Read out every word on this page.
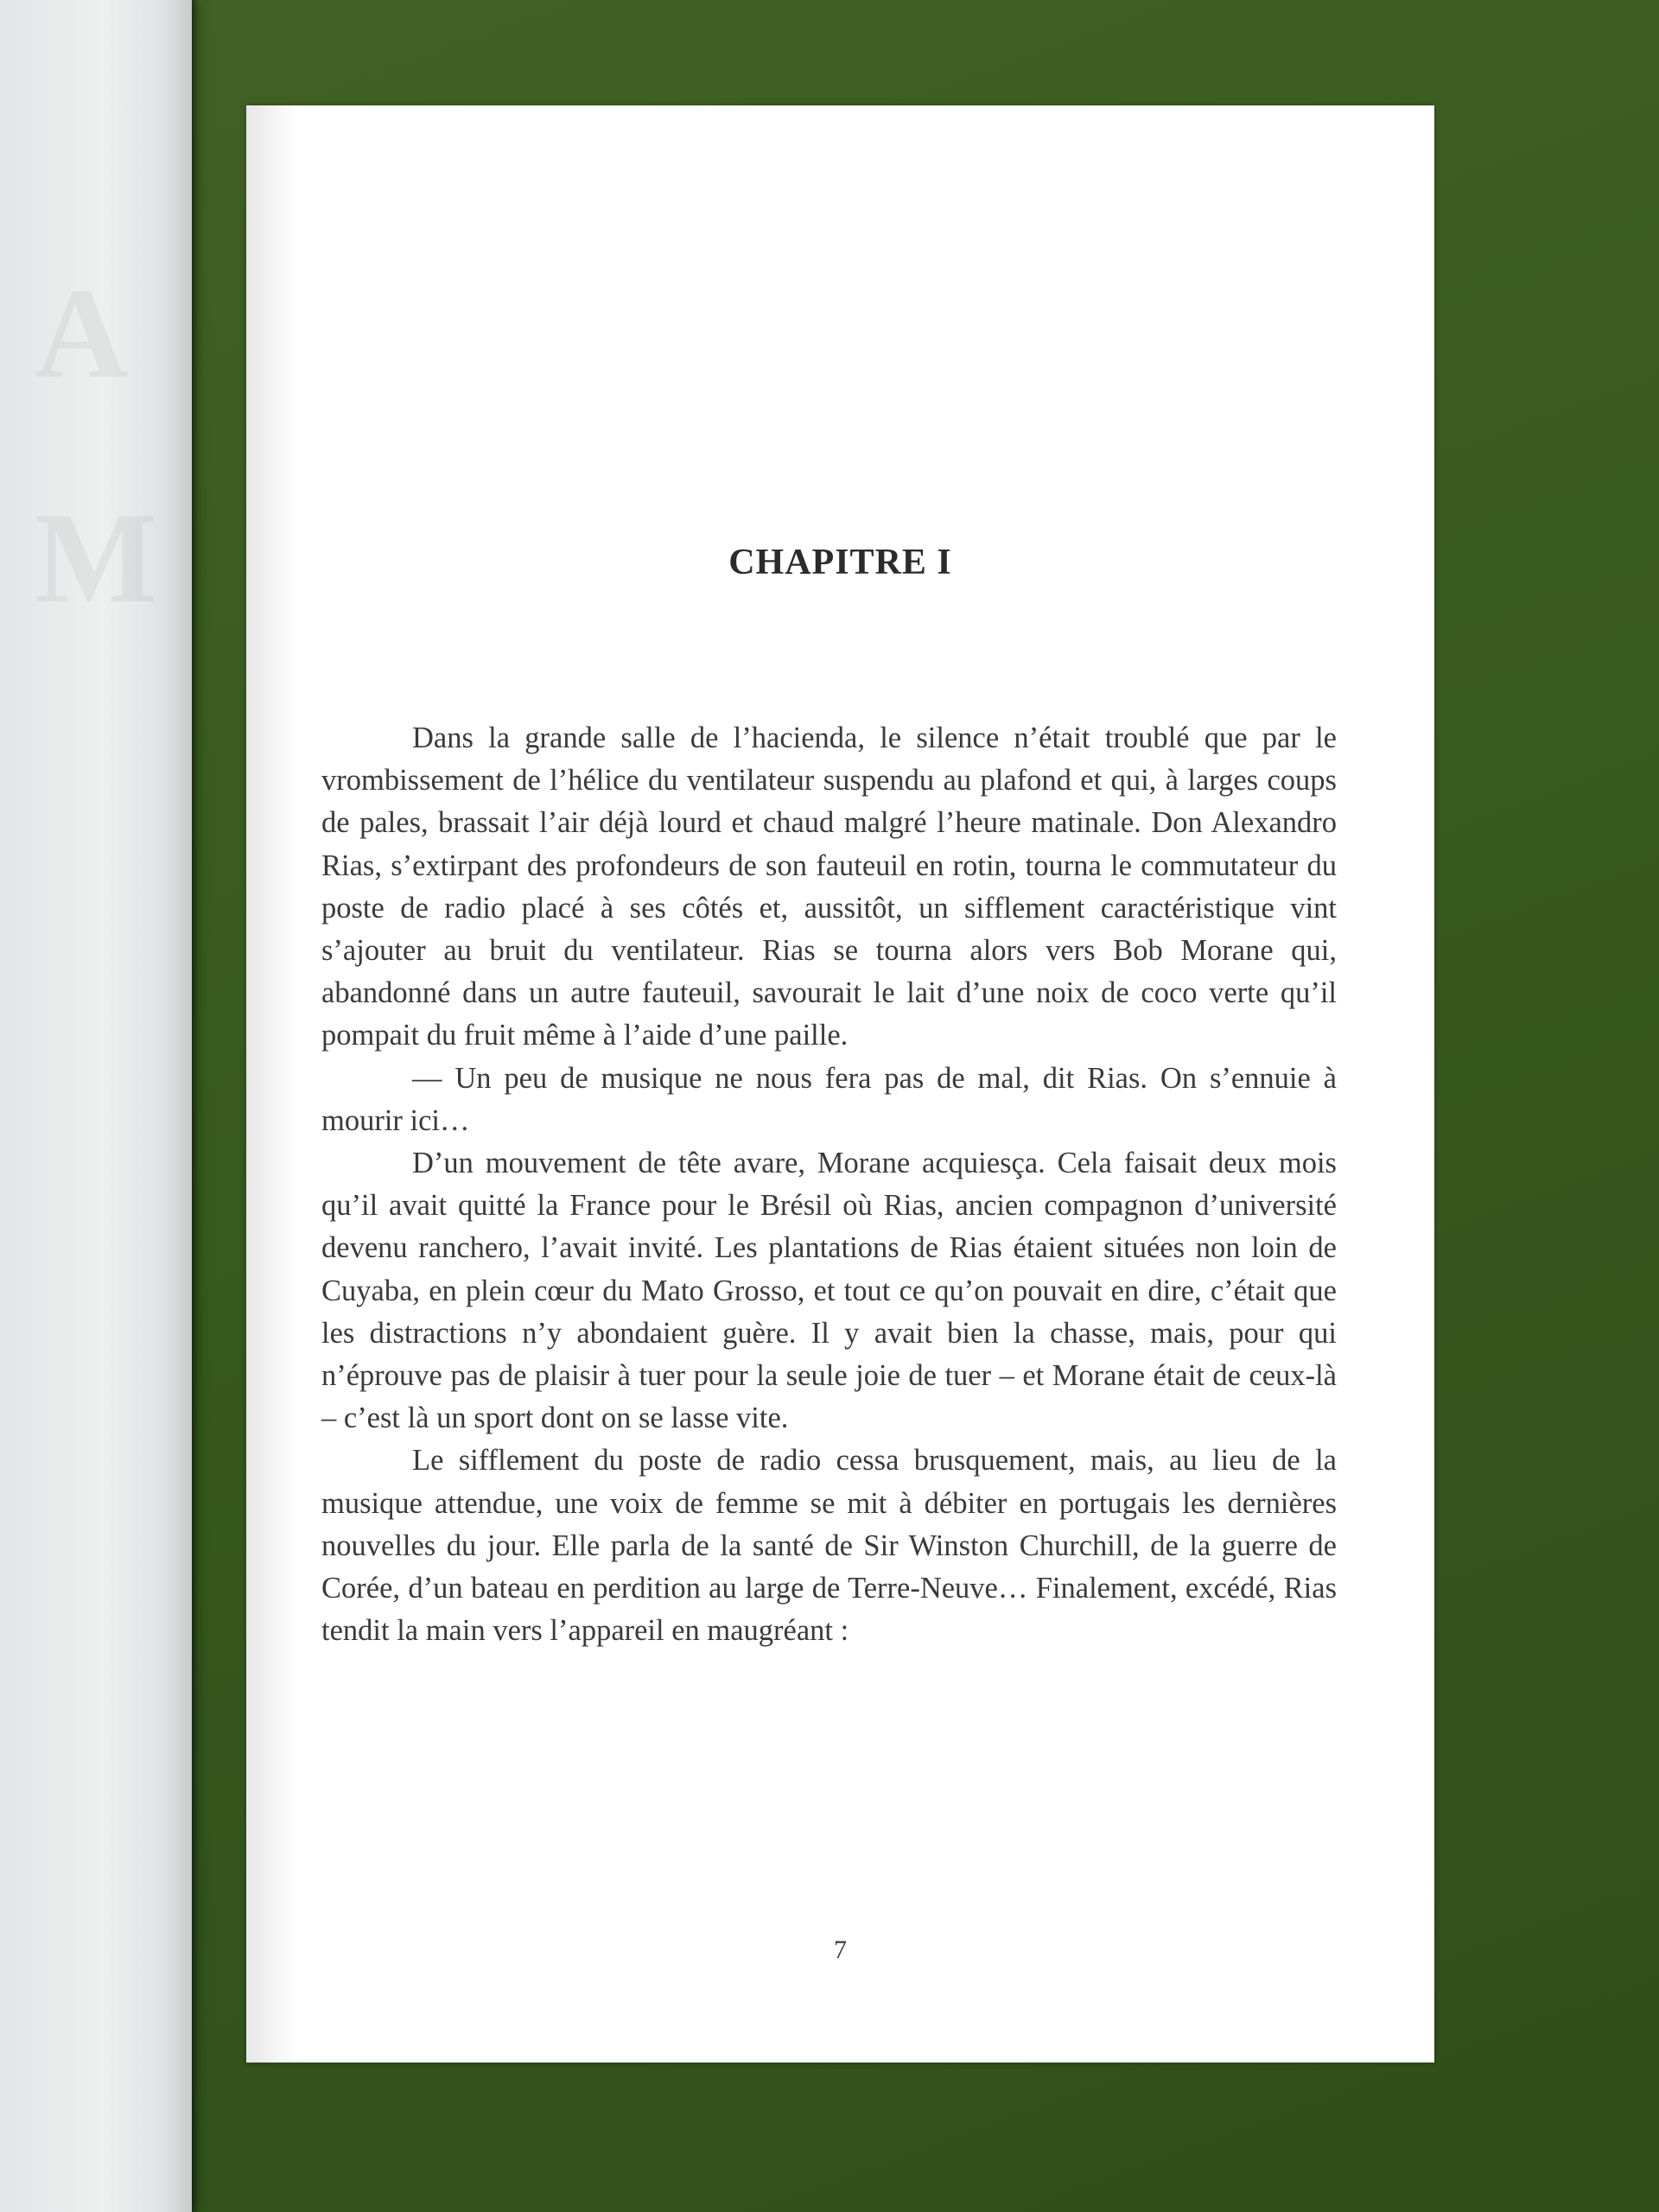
A
M	CHAPITRE I

Dans la grande salle de l’hacienda, le silence n’était troublé que par le vrombissement de l’hélice du ventilateur suspendu au plafond et qui, à larges coups de pales, brassait l’air déjà lourd et chaud malgré l’heure matinale. Don Alexandro Rias, s’extirpant des profondeurs de son fauteuil en rotin, tourna le commutateur du poste de radio placé à ses côtés et, aussitôt, un sifflement caractéristique vint s’ajouter au bruit du ventilateur. Rias se tourna alors vers Bob Morane qui, abandonné dans un autre fauteuil, savourait le lait d’une noix de coco verte qu’il pompait du fruit même à l’aide d’une paille.

— Un peu de musique ne nous fera pas de mal, dit Rias. On s’ennuie à mourir ici…

D’un mouvement de tête avare, Morane acquiesça. Cela faisait deux mois qu’il avait quitté la France pour le Brésil où Rias, ancien compagnon d’université devenu ranchero, l’avait invité. Les plantations de Rias étaient situées non loin de Cuyaba, en plein cœur du Mato Grosso, et tout ce qu’on pouvait en dire, c’était que les distractions n’y abondaient guère. Il y avait bien la chasse, mais, pour qui n’éprouve pas de plaisir à tuer pour la seule joie de tuer – et Morane était de ceux-là – c’est là un sport dont on se lasse vite.

Le sifflement du poste de radio cessa brusquement, mais, au lieu de la musique attendue, une voix de femme se mit à débiter en portugais les dernières nouvelles du jour. Elle parla de la santé de Sir Winston Churchill, de la guerre de Corée, d’un bateau en perdition au large de Terre-Neuve… Finalement, excédé, Rias tendit la main vers l’appareil en maugréant :

7
